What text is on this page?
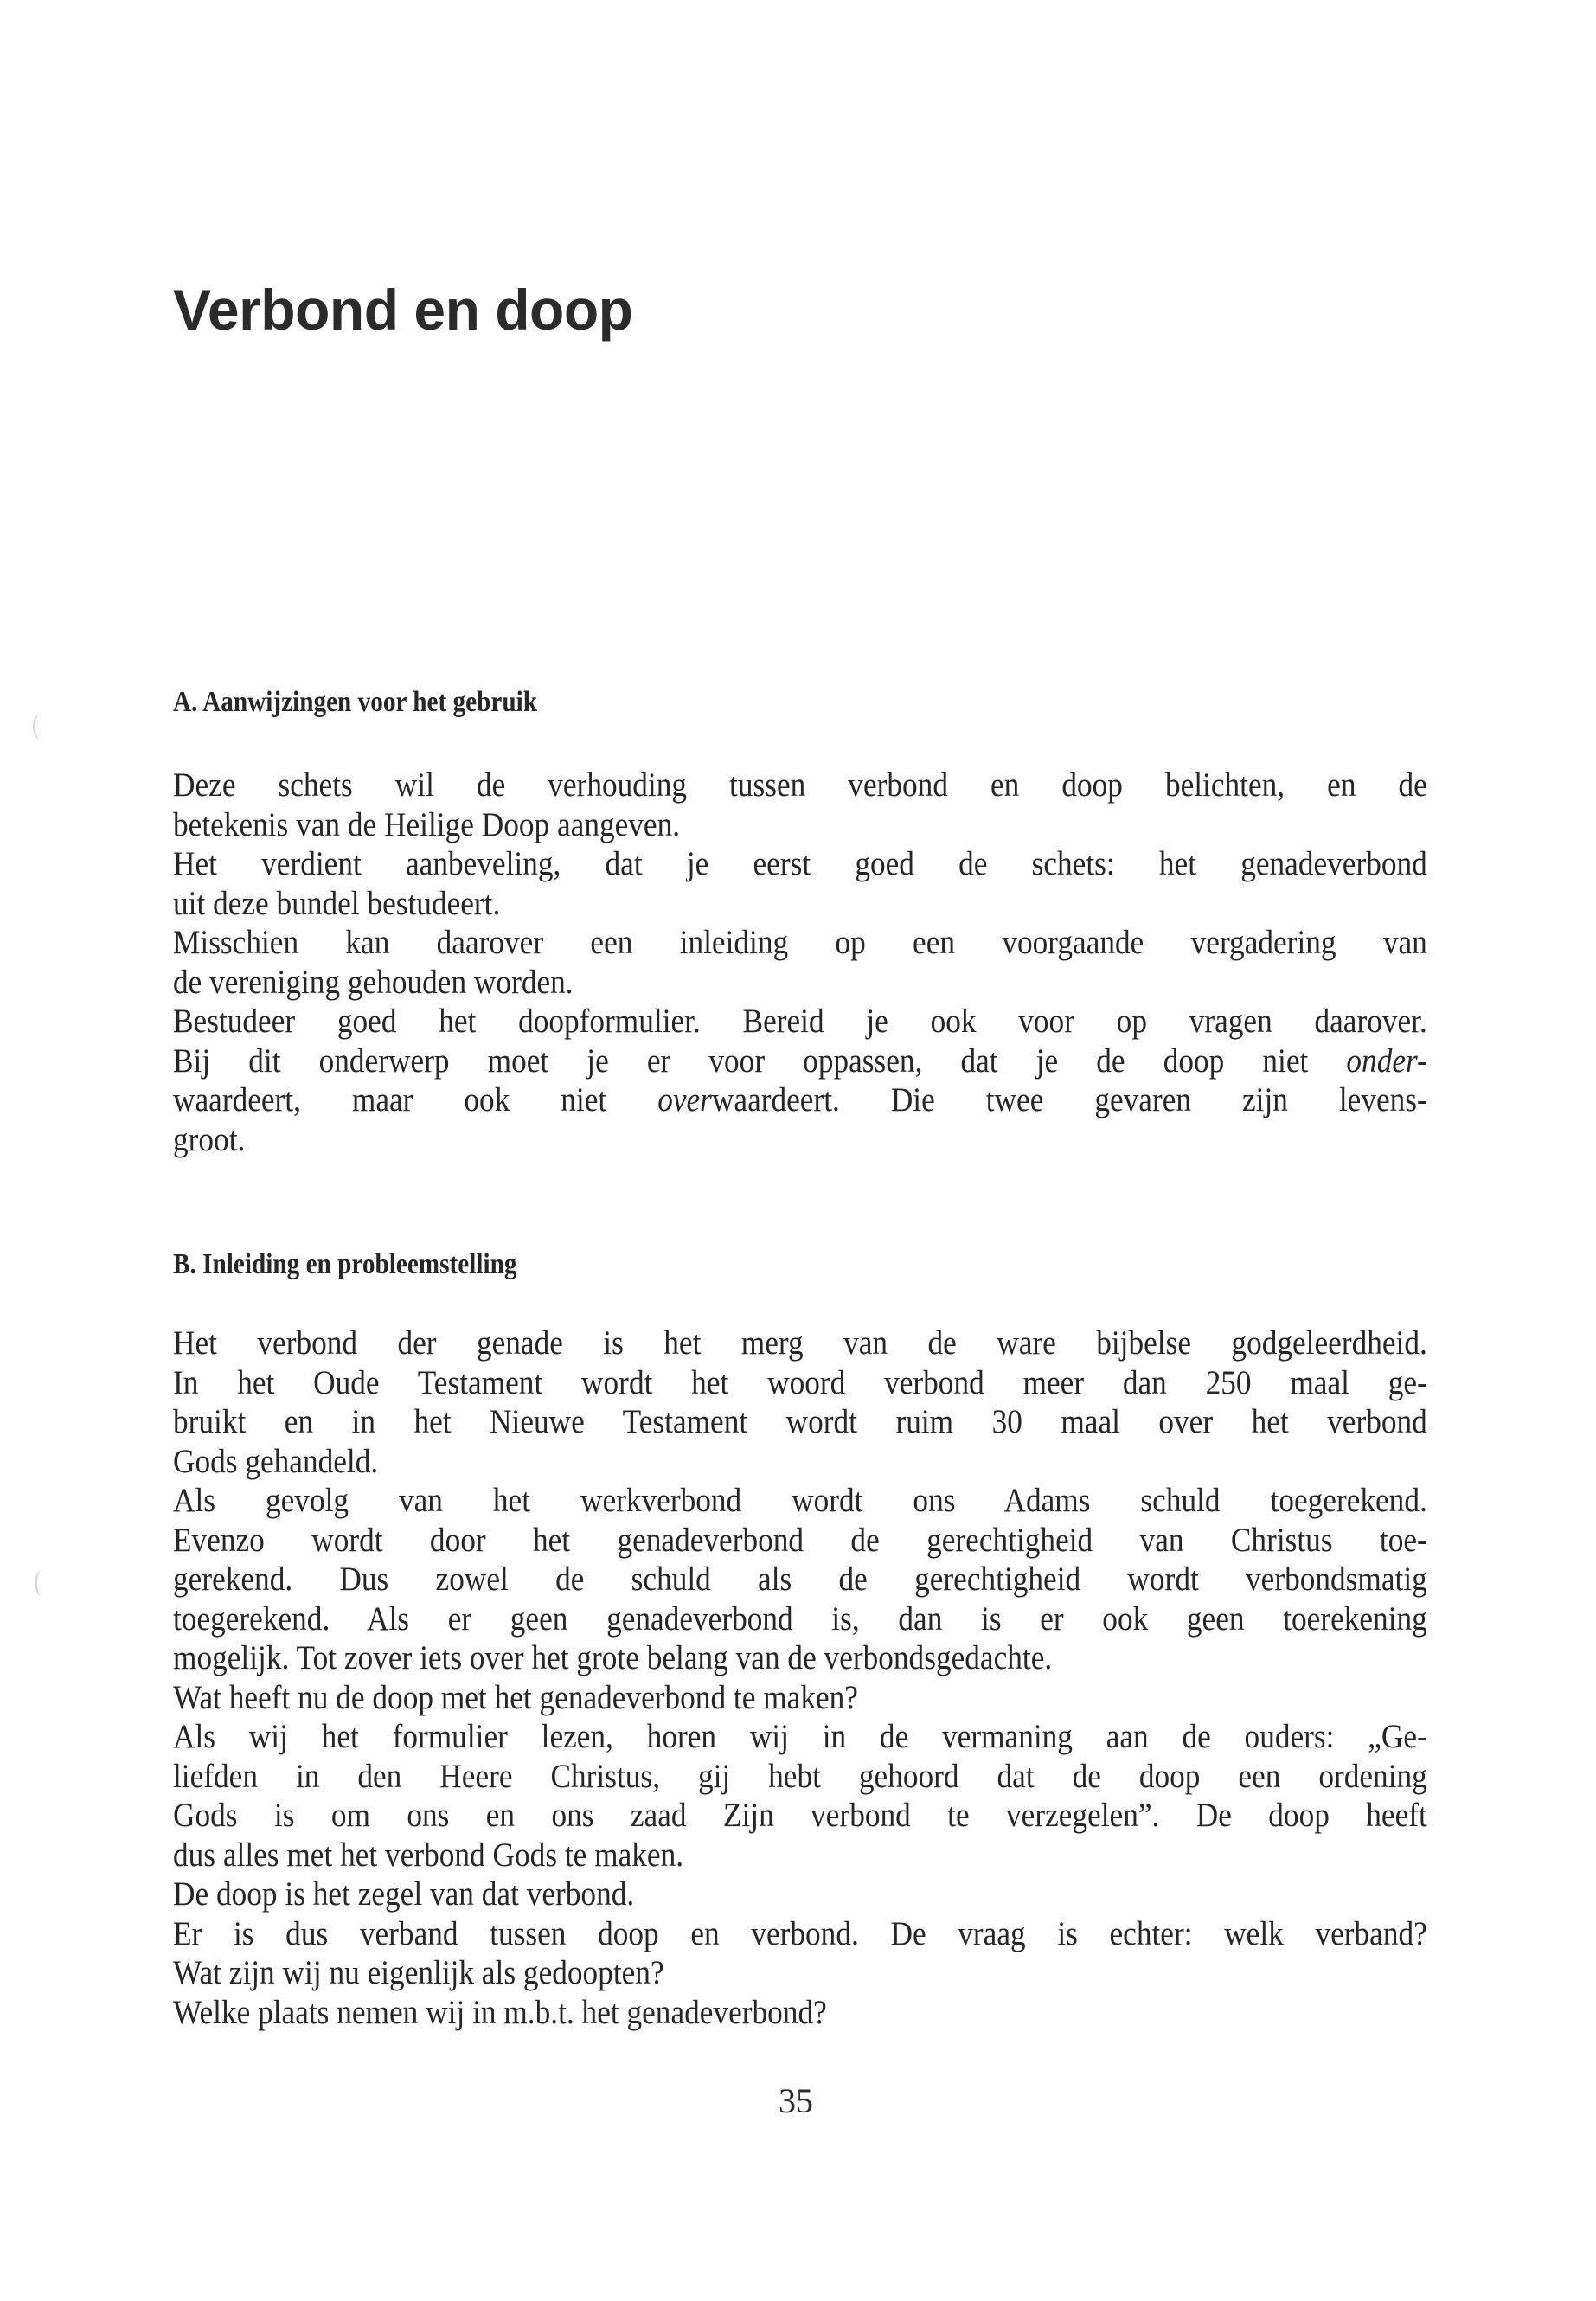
Verbond en doop
A. Aanwijzingen voor het gebruik
Deze schets wil de verhouding tussen verbond en doop belichten, en de
betekenis van de Heilige Doop aangeven.
Het verdient aanbeveling, dat je eerst goed de schets: het genadeverbond
uit deze bundel bestudeert.
Misschien kan daarover een inleiding op een voorgaande vergadering van
de vereniging gehouden worden.
Bestudeer goed het doopformulier. Bereid je ook voor op vragen daarover.
Bij dit onderwerp moet je er voor oppassen, dat je de doop niet onder-
waardeert, maar ook niet overwaardeert. Die twee gevaren zijn levens-
groot.
B. Inleiding en probleemstelling
Het verbond der genade is het merg van de ware bijbelse godgeleerdheid.
In het Oude Testament wordt het woord verbond meer dan 250 maal ge-
bruikt en in het Nieuwe Testament wordt ruim 30 maal over het verbond
Gods gehandeld.
Als gevolg van het werkverbond wordt ons Adams schuld toegerekend.
Evenzo wordt door het genadeverbond de gerechtigheid van Christus toe-
gerekend. Dus zowel de schuld als de gerechtigheid wordt verbondsmatig
toegerekend. Als er geen genadeverbond is, dan is er ook geen toerekening
mogelijk. Tot zover iets over het grote belang van de verbondsgedachte.
Wat heeft nu de doop met het genadeverbond te maken?
Als wij het formulier lezen, horen wij in de vermaning aan de ouders: „Ge-
liefden in den Heere Christus, gij hebt gehoord dat de doop een ordening
Gods is om ons en ons zaad Zijn verbond te verzegelen”. De doop heeft
dus alles met het verbond Gods te maken.
De doop is het zegel van dat verbond.
Er is dus verband tussen doop en verbond. De vraag is echter: welk verband?
Wat zijn wij nu eigenlijk als gedoopten?
Welke plaats nemen wij in m.b.t. het genadeverbond?
35
